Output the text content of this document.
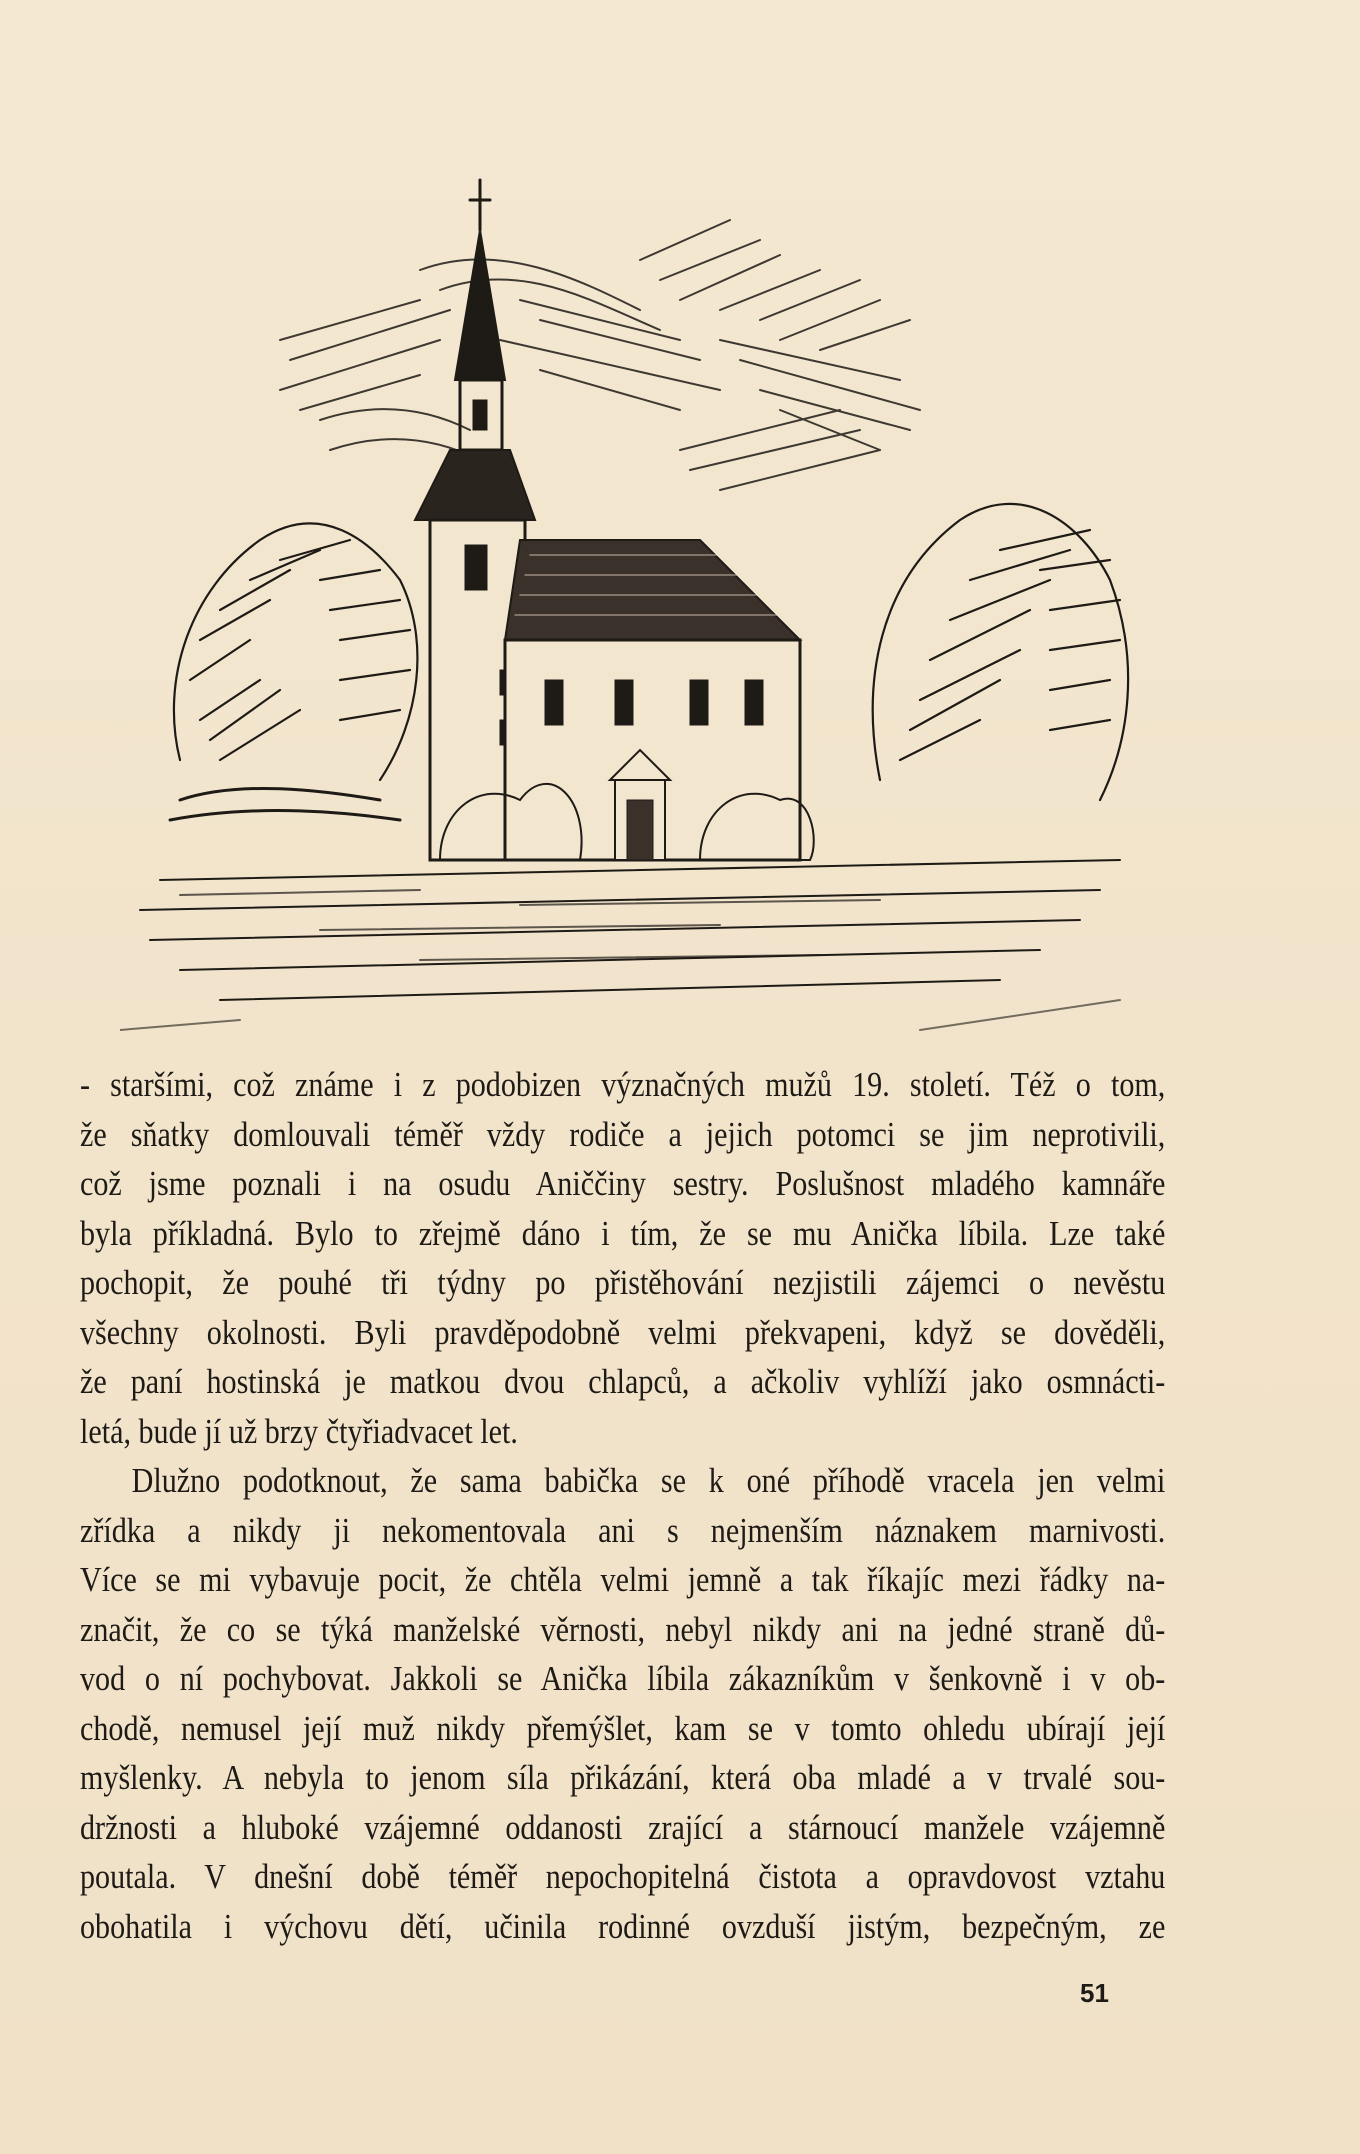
- staršími, což známe i z podobizen význačných mužů 19. století. Též o tom,
že sňatky domlouvali téměř vždy rodiče a jejich potomci se jim neprotivili,
což jsme poznali i na osudu Aniččiny sestry. Poslušnost mladého kamnáře
byla příkladná. Bylo to zřejmě dáno i tím, že se mu Anička líbila. Lze také
pochopit, že pouhé tři týdny po přistěhování nezjistili zájemci o nevěstu
všechny okolnosti. Byli pravděpodobně velmi překvapeni, když se dověděli,
že paní hostinská je matkou dvou chlapců, a ačkoliv vyhlíží jako osmnácti-
letá, bude jí už brzy čtyřiadvacet let.

Dlužno podotknout, že sama babička se k oné příhodě vracela jen velmi
zřídka a nikdy ji nekomentovala ani s nejmenším náznakem marnivosti.
Více se mi vybavuje pocit, že chtěla velmi jemně a tak říkajíc mezi řádky na-
značit, že co se týká manželské věrnosti, nebyl nikdy ani na jedné straně dů-
vod o ní pochybovat. Jakkoli se Anička líbila zákazníkům v šenkovně i v ob-
chodě, nemusel její muž nikdy přemýšlet, kam se v tomto ohledu ubírají její
myšlenky. A nebyla to jenom síla přikázání, která oba mladé a v trvalé sou-
držnosti a hluboké vzájemné oddanosti zrající a stárnoucí manžele vzájemně
poutala. V dnešní době téměř nepochopitelná čistota a opravdovost vztahu
obohatila i výchovu dětí, učinila rodinné ovzduší jistým, bezpečným, ze

51
